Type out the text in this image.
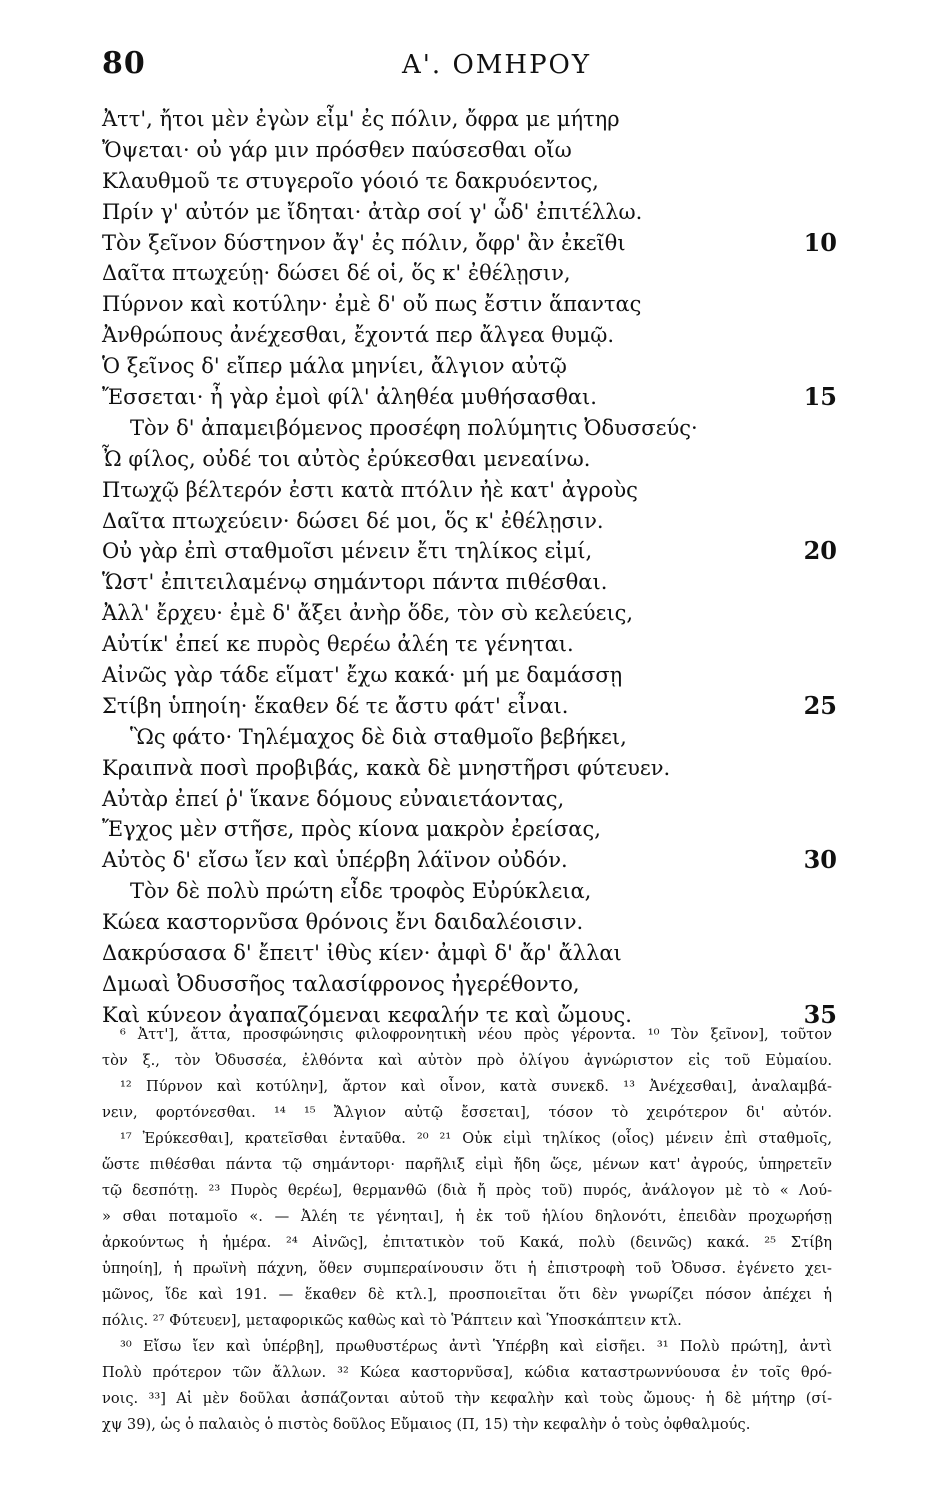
80	Α'. ΟΜΗΡΟΥ
Ἀττ', ἤτοι μὲν ἐγὼν εἶμ' ἐς πόλιν, ὄφρα με μήτηρ
Ὄψεται· οὐ γάρ μιν πρόσθεν παύσεσθαι οἴω
Κλαυθμοῦ τε στυγεροῖο γόοιό τε δακρυόεντος,
Πρίν γ' αὐτόν με ἴδηται· ἀτὰρ σοί γ' ὧδ' ἐπιτέλλω.
Τὸν ξεῖνον δύστηνον ἄγ' ἐς πόλιν, ὄφρ' ἂν ἐκεῖθι	10
Δαῖτα πτωχεύῃ· δώσει δέ οἱ, ὅς κ' ἐθέλῃσιν,
Πύρνον καὶ κοτύλην· ἐμὲ δ' οὔ πως ἔστιν ἅπαντας
Ἀνθρώπους ἀνέχεσθαι, ἔχοντά περ ἄλγεα θυμῷ.
Ὁ ξεῖνος δ' εἴπερ μάλα μηνίει, ἄλγιον αὐτῷ
Ἔσσεται· ἦ γὰρ ἐμοὶ φίλ' ἀληθέα μυθήσασθαι.	15
Τὸν δ' ἀπαμειβόμενος προσέφη πολύμητις Ὀδυσσεύς·
Ὦ φίλος, οὐδέ τοι αὐτὸς ἐρύκεσθαι μενεαίνω.
Πτωχῷ βέλτερόν ἐστι κατὰ πτόλιν ἠὲ κατ' ἀγροὺς
Δαῖτα πτωχεύειν· δώσει δέ μοι, ὅς κ' ἐθέλῃσιν.
Οὐ γὰρ ἐπὶ σταθμοῖσι μένειν ἔτι τηλίκος εἰμί,	20
Ὥστ' ἐπιτειλαμένῳ σημάντορι πάντα πιθέσθαι.
Ἀλλ' ἔρχευ· ἐμὲ δ' ἄξει ἀνὴρ ὅδε, τὸν σὺ κελεύεις,
Αὐτίκ' ἐπεί κε πυρὸς θερέω ἀλέη τε γένηται.
Αἰνῶς γὰρ τάδε εἵματ' ἔχω κακά· μή με δαμάσσῃ
Στίβη ὑπηοίη· ἕκαθεν δέ τε ἄστυ φάτ' εἶναι.	25
Ὣς φάτο· Τηλέμαχος δὲ διὰ σταθμοῖο βεβήκει,
Κραιπνὰ ποσὶ προβιβάς, κακὰ δὲ μνηστῆρσι φύτευεν.
Αὐτὰρ ἐπεί ῥ' ἵκανε δόμους εὐναιετάοντας,
Ἔγχος μὲν στῆσε, πρὸς κίονα μακρὸν ἐρείσας,
Αὐτὸς δ' εἴσω ἴεν καὶ ὑπέρβη λάϊνον οὐδόν.	30
Τὸν δὲ πολὺ πρώτη εἶδε τροφὸς Εὐρύκλεια,
Κώεα καστορνῦσα θρόνοις ἔνι δαιδαλέοισιν.
Δακρύσασα δ' ἔπειτ' ἰθὺς κίεν· ἀμφὶ δ' ἄρ' ἄλλαι
Δμωαὶ Ὀδυσσῆος ταλασίφρονος ἠγερέθοντο,
Καὶ κύνεον ἀγαπαζόμεναι κεφαλήν τε καὶ ὤμους.	35
⁶ Ἀττ'], ἄττα, προσφώνησις φιλοφρονητικὴ νέου πρὸς γέροντα. ¹⁰ Τὸν ξεῖνον], τοῦτον
τὸν ξ., τὸν Ὀδυσσέα, ἐλθόντα καὶ αὐτὸν πρὸ ὀλίγου ἀγνώριστον εἰς τοῦ Εὐμαίου.
¹² Πύρνον καὶ κοτύλην], ἄρτον καὶ οἶνον, κατὰ συνεκδ. ¹³ Ἀνέχεσθαι], ἀναλαμβά-
νειν, φορτόνεσθαι. ¹⁴ ¹⁵ Ἄλγιον αὐτῷ ἔσσεται], τόσον τὸ χειρότερον δι' αὐτόν.
¹⁷ Ἐρύκεσθαι], κρατεῖσθαι ἐνταῦθα. ²⁰ ²¹ Οὐκ εἰμὶ τηλίκος (οἷος) μένειν ἐπὶ σταθμοῖς,
ὥστε πιθέσθαι πάντα τῷ σημάντορι· παρῆλιξ εἰμὶ ἤδη ὥςε, μένων κατ' ἀγρούς, ὑπηρετεῖν
τῷ δεσπότῃ. ²³ Πυρὸς θερέω], θερμανθῶ (διὰ ἤ πρὸς τοῦ) πυρός, ἀνάλογον μὲ τὸ « Λού-
» σθαι ποταμοῖο «. — Ἀλέη τε γένηται], ἡ ἐκ τοῦ ἡλίου δηλονότι, ἐπειδὰν προχωρήσῃ
ἀρκούντως ἡ ἡμέρα. ²⁴ Αἰνῶς], ἐπιτατικὸν τοῦ Κακά, πολὺ (δεινῶς) κακά. ²⁵ Στίβη
ὑπηοίη], ἡ πρωϊνὴ πάχνη, ὅθεν συμπεραίνουσιν ὅτι ἡ ἐπιστροφὴ τοῦ Ὀδυσσ. ἐγένετο χει-
μῶνος, ἴδε καὶ 191. — ἕκαθεν δὲ κτλ.], προσποιεῖται ὅτι δὲν γνωρίζει πόσον ἀπέχει ἡ
πόλις. ²⁷ Φύτευεν], μεταφορικῶς καθὼς καὶ τὸ Ῥάπτειν καὶ Ὑποσκάπτειν κτλ.
³⁰ Εἴσω ἴεν καὶ ὑπέρβη], πρωθυστέρως ἀντὶ Ὑπέρβη καὶ εἰσῆει. ³¹ Πολὺ πρώτη], ἀντὶ
Πολὺ πρότερον τῶν ἄλλων. ³² Κώεα καστορνῦσα], κώδια καταστρωννύουσα ἐν τοῖς θρό-
νοις. ³³] Αἱ μὲν δοῦλαι ἀσπάζονται αὐτοῦ τὴν κεφαλὴν καὶ τοὺς ὤμους· ἡ δὲ μήτηρ (σί-
χψ 39), ὡς ὁ παλαιὸς ὁ πιστὸς δοῦλος Εὔμαιος (Π, 15) τὴν κεφαλὴν ὁ τοὺς ὀφθαλμούς.
